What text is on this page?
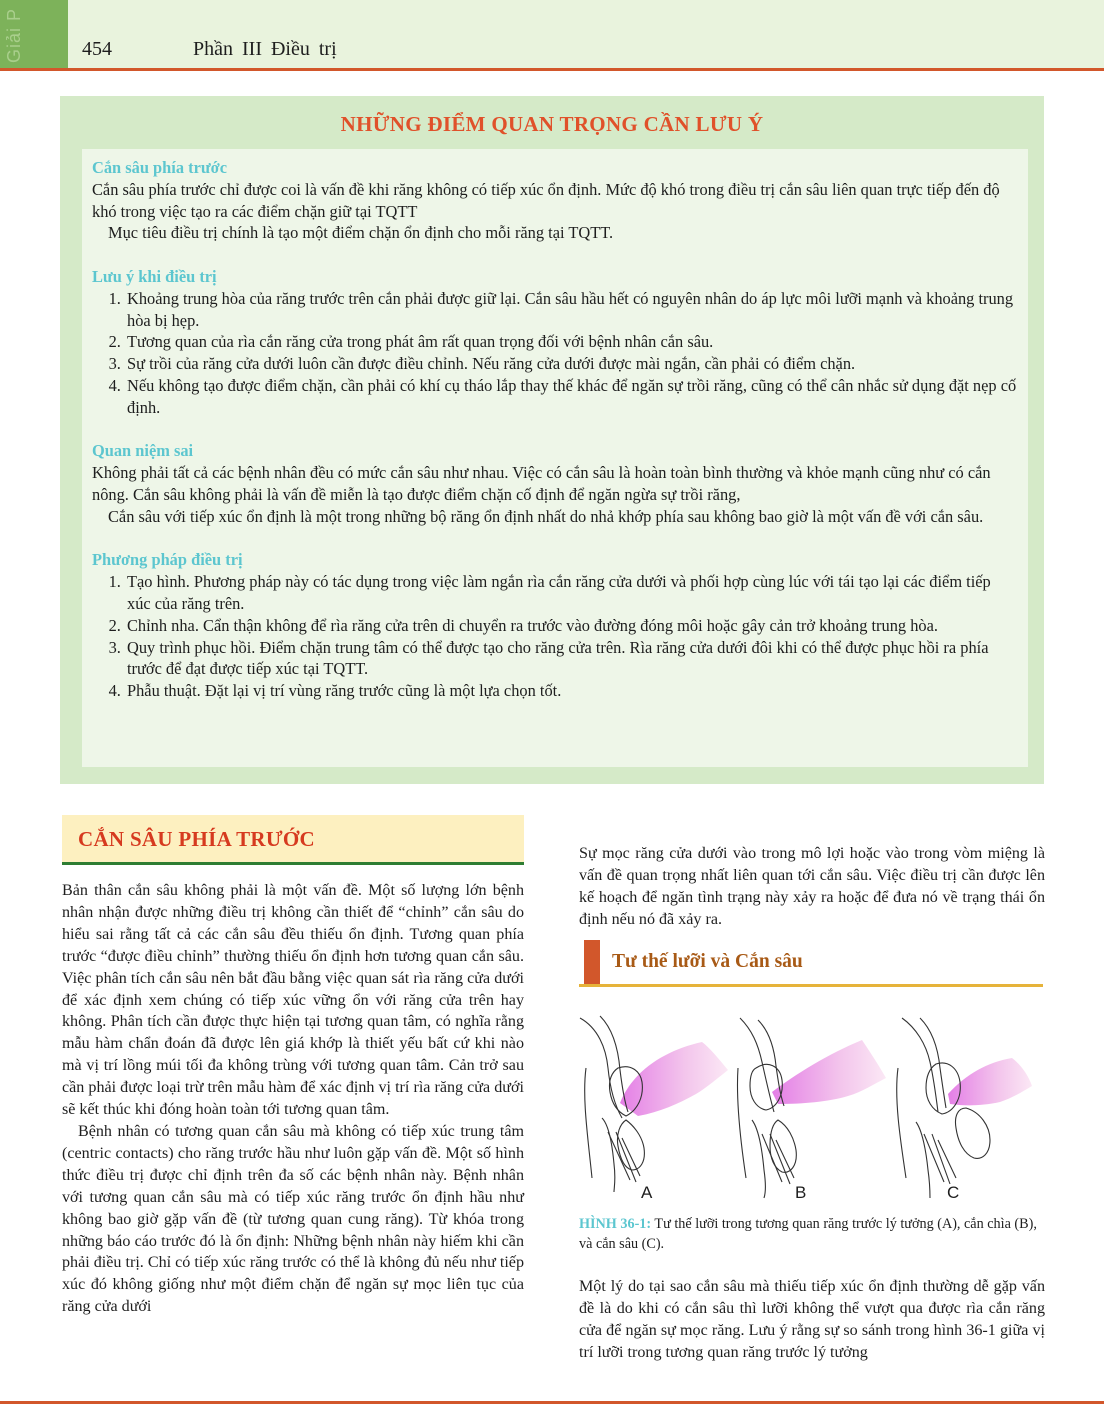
Giải P	454	Phần III Điều trị
NHỮNG ĐIỂM QUAN TRỌNG CẦN LƯU Ý

Cắn sâu phía trước

Cắn sâu phía trước chỉ được coi là vấn đề khi răng không có tiếp xúc ổn định. Mức độ khó trong điều trị cắn sâu liên quan trực tiếp đến độ khó trong việc tạo ra các điểm chặn giữ tại TQTT

Mục tiêu điều trị chính là tạo một điểm chặn ổn định cho mỗi răng tại TQTT.

Lưu ý khi điều trị

1. Khoảng trung hòa của răng trước trên cắn phải được giữ lại. Cắn sâu hầu hết có nguyên nhân do áp lực môi lưỡi mạnh và khoảng trung hòa bị hẹp.
2. Tương quan của rìa cắn răng cửa trong phát âm rất quan trọng đối với bệnh nhân cắn sâu.
3. Sự trồi của răng cửa dưới luôn cần được điều chỉnh. Nếu răng cửa dưới được mài ngắn, cần phải có điểm chặn.
4. Nếu không tạo được điểm chặn, cần phải có khí cụ tháo lắp thay thế khác để ngăn sự trồi răng, cũng có thể cân nhắc sử dụng đặt nẹp cố định.

Quan niệm sai

Không phải tất cả các bệnh nhân đều có mức cắn sâu như nhau. Việc có cắn sâu là hoàn toàn bình thường và khỏe mạnh cũng như có cắn nông. Cắn sâu không phải là vấn đề miễn là tạo được điểm chặn cố định để ngăn ngừa sự trồi răng,

Cắn sâu với tiếp xúc ổn định là một trong những bộ răng ổn định nhất do nhả khớp phía sau không bao giờ là một vấn đề với cắn sâu.

Phương pháp điều trị

1. Tạo hình. Phương pháp này có tác dụng trong việc làm ngắn rìa cắn răng cửa dưới và phối hợp cùng lúc với tái tạo lại các điểm tiếp xúc của răng trên.
2. Chỉnh nha. Cẩn thận không để rìa răng cửa trên di chuyển ra trước vào đường đóng môi hoặc gây cản trở khoảng trung hòa.
3. Quy trình phục hồi. Điểm chặn trung tâm có thể được tạo cho răng cửa trên. Rìa răng cửa dưới đôi khi có thể được phục hồi ra phía trước để đạt được tiếp xúc tại TQTT.
4. Phẫu thuật. Đặt lại vị trí vùng răng trước cũng là một lựa chọn tốt.
CẮN SÂU PHÍA TRƯỚC

Bản thân cắn sâu không phải là một vấn đề. Một số lượng lớn bệnh nhân nhận được những điều trị không cần thiết để “chỉnh” cắn sâu do hiểu sai rằng tất cả các cắn sâu đều thiếu ổn định. Tương quan phía trước “được điều chỉnh” thường thiếu ổn định hơn tương quan cắn sâu. Việc phân tích cắn sâu nên bắt đầu bằng việc quan sát rìa răng cửa dưới để xác định xem chúng có tiếp xúc vững ổn với răng cửa trên hay không. Phân tích cần được thực hiện tại tương quan tâm, có nghĩa rằng mẫu hàm chẩn đoán đã được lên giá khớp là thiết yếu bất cứ khi nào mà vị trí lồng múi tối đa không trùng với tương quan tâm. Cản trở sau cần phải được loại trừ trên mẫu hàm để xác định vị trí rìa răng cửa dưới sẽ kết thúc khi đóng hoàn toàn tới tương quan tâm.

Bệnh nhân có tương quan cắn sâu mà không có tiếp xúc trung tâm (centric contacts) cho răng trước hầu như luôn gặp vấn đề. Một số hình thức điều trị được chỉ định trên đa số các bệnh nhân này. Bệnh nhân với tương quan cắn sâu mà có tiếp xúc răng trước ổn định hầu như không bao giờ gặp vấn đề (từ tương quan cung răng). Từ khóa trong những báo cáo trước đó là ổn định: Những bệnh nhân này hiếm khi cần phải điều trị. Chỉ có tiếp xúc răng trước có thể là không đủ nếu như tiếp xúc đó không giống như một điểm chặn để ngăn sự mọc liên tục của răng cửa dưới

Sự mọc răng cửa dưới vào trong mô lợi hoặc vào trong vòm miệng là vấn đề quan trọng nhất liên quan tới cắn sâu. Việc điều trị cần được lên kế hoạch để ngăn tình trạng này xảy ra hoặc để đưa nó về trạng thái ổn định nếu nó đã xảy ra.

Tư thế lưỡi và Cắn sâu
A	B	C
HÌNH 36-1: Tư thế lưỡi trong tương quan răng trước lý tưởng (A), cắn chìa (B), và cắn sâu (C).

Một lý do tại sao cắn sâu mà thiếu tiếp xúc ổn định thường dễ gặp vấn đề là do khi có cắn sâu thì lưỡi không thể vượt qua được rìa cắn răng cửa để ngăn sự mọc răng. Lưu ý rằng sự so sánh trong hình 36-1 giữa vị trí lưỡi trong tương quan răng trước lý tưởng
